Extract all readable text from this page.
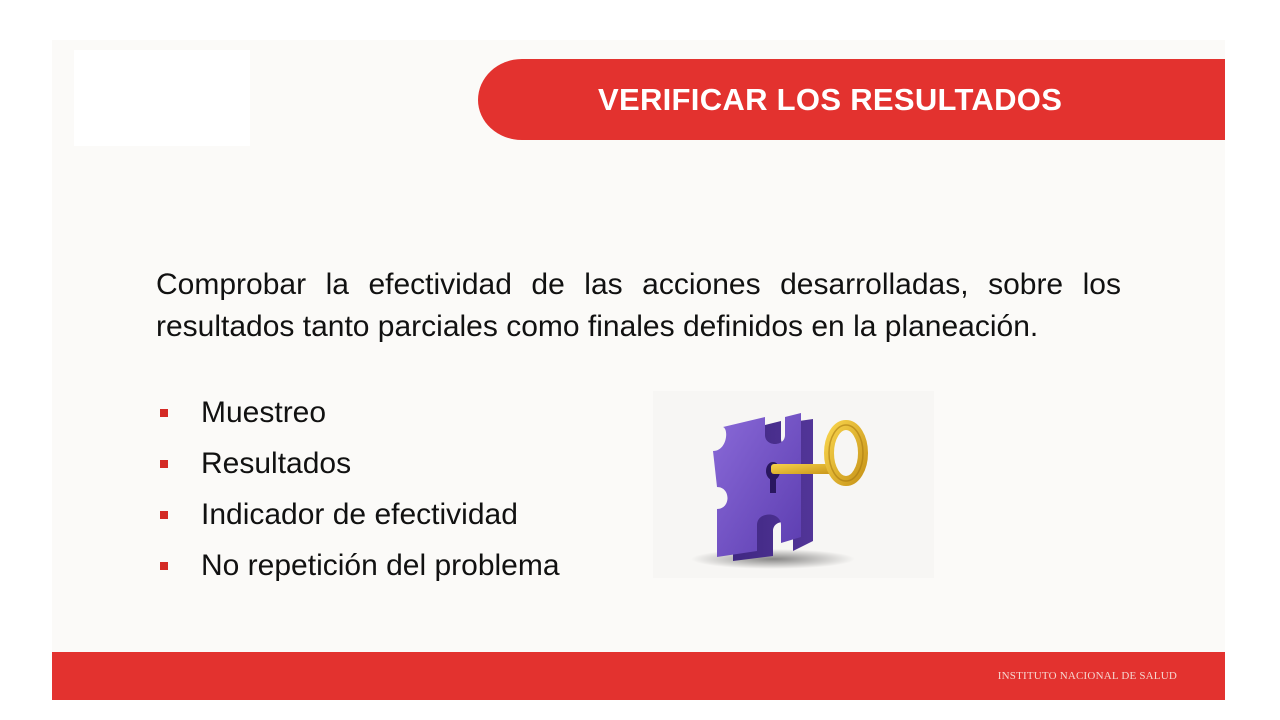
VERIFICAR LOS RESULTADOS
Comprobar la efectividad de las acciones desarrolladas, sobre los resultados tanto parciales como finales definidos en la planeación.
Muestreo
Resultados
Indicador de efectividad
No repetición del problema
INSTITUTO NACIONAL DE SALUD
